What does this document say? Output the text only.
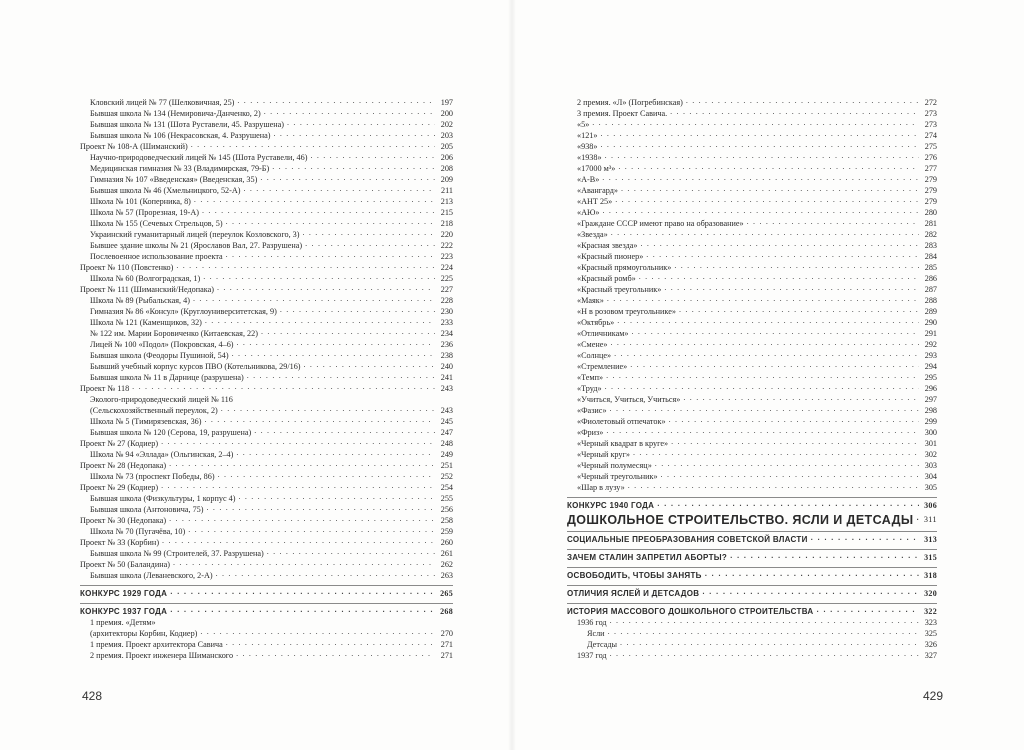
Кловский лицей № 77 (Шелковичная, 25) . . .	197
Бывшая школа № 134 (Немировича-Данченко, 2) . . .	200
Бывшая школа № 131 (Шота Руставели, 45. Разрушена) . . .	202
Бывшая школа № 106 (Некрасовская, 4. Разрушена) . . .	203
Проект № 108-А (Шиманский) . . .	205
Научно-природоведческий лицей № 145 (Шота Руставели, 46) . . .	206
Медицинская гимназия № 33 (Владимирская, 79-Б) . . .	208
Гимназия № 107 «Введенская» (Введенская, 35) . . .	209
Бывшая школа № 46 (Хмельницкого, 52-А) . . .	211
Школа № 101 (Коперника, 8) . . .	213
Школа № 57 (Прорезная, 19-А) . . .	215
Школа № 155 (Сечевых Стрельцов, 5) . . .	218
Украинский гуманитарный лицей (переулок Козловского, 3) . . .	220
Бывшее здание школы № 21 (Ярославов Вал, 27. Разрушена) . . .	222
Послевоенное использование проекта . . .	223
Проект № 110 (Повстенко) . . .	224
Школа № 60 (Волгоградская, 1) . . .	225
Проект № 111 (Шиманский/Недопака) . . .	227
Школа № 89 (Рыбальская, 4) . . .	228
Гимназия № 86 «Консул» (Круглоуниверситетская, 9) . . .	230
Школа № 121 (Каменщиков, 32) . . .	233
№ 122 им. Марии Боровиченко (Китаевская, 22) . . .	234
Лицей № 100 «Подол» (Покровская, 4–6) . . .	236
Бывшая школа (Феодоры Пушиной, 54) . . .	238
Бывший учебный корпус курсов ПВО (Котельникова, 29/16) . . .	240
Бывшая школа № 11 в Дарнице (разрушена) . . .	241
Проект № 118 . . .	243
Эколого-природоведческий лицей № 116
(Сельскохозяйственный переулок, 2) . . .	243
Школа № 5 (Тимирязевская, 36) . . .	245
Бывшая школа № 120 (Серова, 19, разрушена) . . .	247
Проект № 27 (Кодиер) . . .	248
Школа № 94 «Эллада» (Ольгинская, 2–4) . . .	249
Проект № 28 (Недопака) . . .	251
Школа № 73 (проспект Победы, 86) . . .	252
Проект № 29 (Кодиер) . . .	254
Бывшая школа (Физкультуры, 1 корпус 4) . . .	255
Бывшая школа (Антоновича, 75) . . .	256
Проект № 30 (Недопака) . . .	258
Школа № 70 (Пугачёва, 10) . . .	259
Проект № 33 (Корбин) . . .	260
Бывшая школа № 99 (Строителей, 37. Разрушена) . . .	261
Проект № 50 (Баландина) . . .	262
Бывшая школа (Леваневского, 2-А) . . .	263
КОНКУРС 1929 ГОДА . . .	265
КОНКУРС 1937 ГОДА . . .	268
1 премия. «Детям»
(архитекторы Корбин, Кодиер) . . .	270
1 премия. Проект архитектора Савича . . .	271
2 премия. Проект инженера Шиманского . . .	271
428
2 премия. «Л» (Погребинская) . . .	272
3 премия. Проект Савича. . . .	273
«5» . . .	273
«121» . . .	274
«938» . . .	275
«1938» . . .	276
«17000 м³» . . .	277
«А-В» . . .	279
«Авангард» . . .	279
«АНТ 25» . . .	279
«АЮ» . . .	280
«Граждане СССР имеют право на образование» . . .	281
«Звезда» . . .	282
«Красная звезда» . . .	283
«Красный пионер» . . .	284
«Красный прямоугольник» . . .	285
«Красный ромб» . . .	286
«Красный треугольник» . . .	287
«Маяк» . . .	288
«Н в розовом треугольнике» . . .	289
«Октябрь» . . .	290
«Отличникам» . . .	291
«Смене» . . .	292
«Солнце» . . .	293
«Стремление» . . .	294
«Темп» . . .	295
«Труд» . . .	296
«Учиться, Учиться, Учиться» . . .	297
«Фазис» . . .	298
«Фиолетовый отпечаток» . . .	299
«Фриз» . . .	300
«Черный квадрат в круге» . . .	301
«Черный круг» . . .	302
«Черный полумесяц» . . .	303
«Черный треугольник» . . .	304
«Шар в лузу» . . .	305
КОНКУРС 1940 ГОДА . . .	306
ДОШКОЛЬНОЕ СТРОИТЕЛЬСТВО. ЯСЛИ И ДЕТСАДЫ . . .	311
СОЦИАЛЬНЫЕ ПРЕОБРАЗОВАНИЯ СОВЕТСКОЙ ВЛАСТИ . . .	313
ЗАЧЕМ СТАЛИН ЗАПРЕТИЛ АБОРТЫ? . . .	315
ОСВОБОДИТЬ, ЧТОБЫ ЗАНЯТЬ . . .	318
ОТЛИЧИЯ ЯСЛЕЙ И ДЕТСАДОВ . . .	320
ИСТОРИЯ МАССОВОГО ДОШКОЛЬНОГО СТРОИТЕЛЬСТВА . . .	322
1936 год . . .	323
Ясли . . .	325
Детсады . . .	326
1937 год . . .	327
429
